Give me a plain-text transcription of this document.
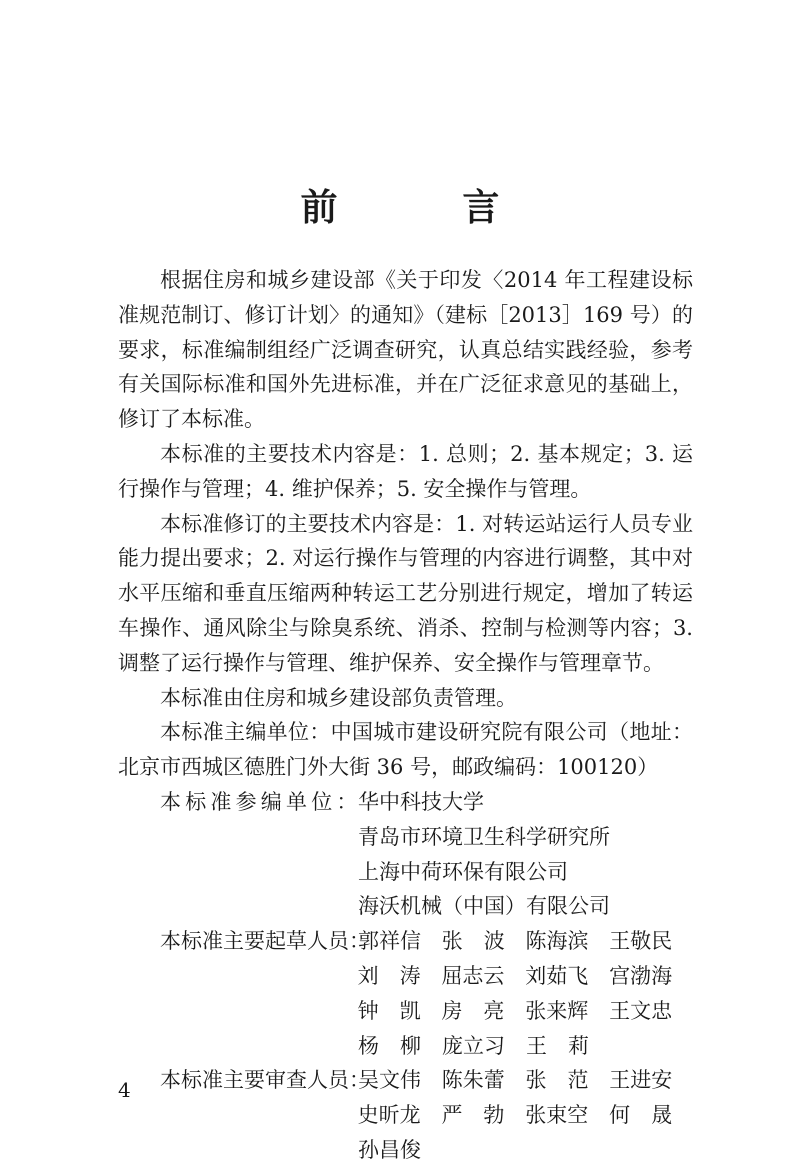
前 言

根据住房和城乡建设部《关于印发〈2014 年工程建设标准规范制订、修订计划〉的通知》（建标［2013］169 号）的要求，标准编制组经广泛调查研究，认真总结实践经验，参考有关国际标准和国外先进标准，并在广泛征求意见的基础上，修订了本标准。

本标准的主要技术内容是：1. 总则；2. 基本规定；3. 运行操作与管理；4. 维护保养；5. 安全操作与管理。

本标准修订的主要技术内容是：1. 对转运站运行人员专业能力提出要求；2. 对运行操作与管理的内容进行调整，其中对水平压缩和垂直压缩两种转运工艺分别进行规定，增加了转运车操作、通风除尘与除臭系统、消杀、控制与检测等内容；3. 调整了运行操作与管理、维护保养、安全操作与管理章节。

本标准由住房和城乡建设部负责管理。

本标准主编单位：中国城市建设研究院有限公司（地址：北京市西城区德胜门外大街 36 号，邮政编码：100120）

本标准参编单位：
华中科技大学
青岛市环境卫生科学研究所
上海中荷环保有限公司
海沃机械（中国）有限公司
本标准主要起草人员：
郭祥信 张　波 陈海滨 王敬民
刘　涛 屈志云 刘茹飞 宫渤海
钟　凯 房　亮 张来辉 王文忠
杨　柳	庞立习	王　莉
本标准主要审查人员：
吴文伟 陈朱蕾 张　范 王进安
史昕龙 严　勃 张束空 何　晟
孙昌俊
4
